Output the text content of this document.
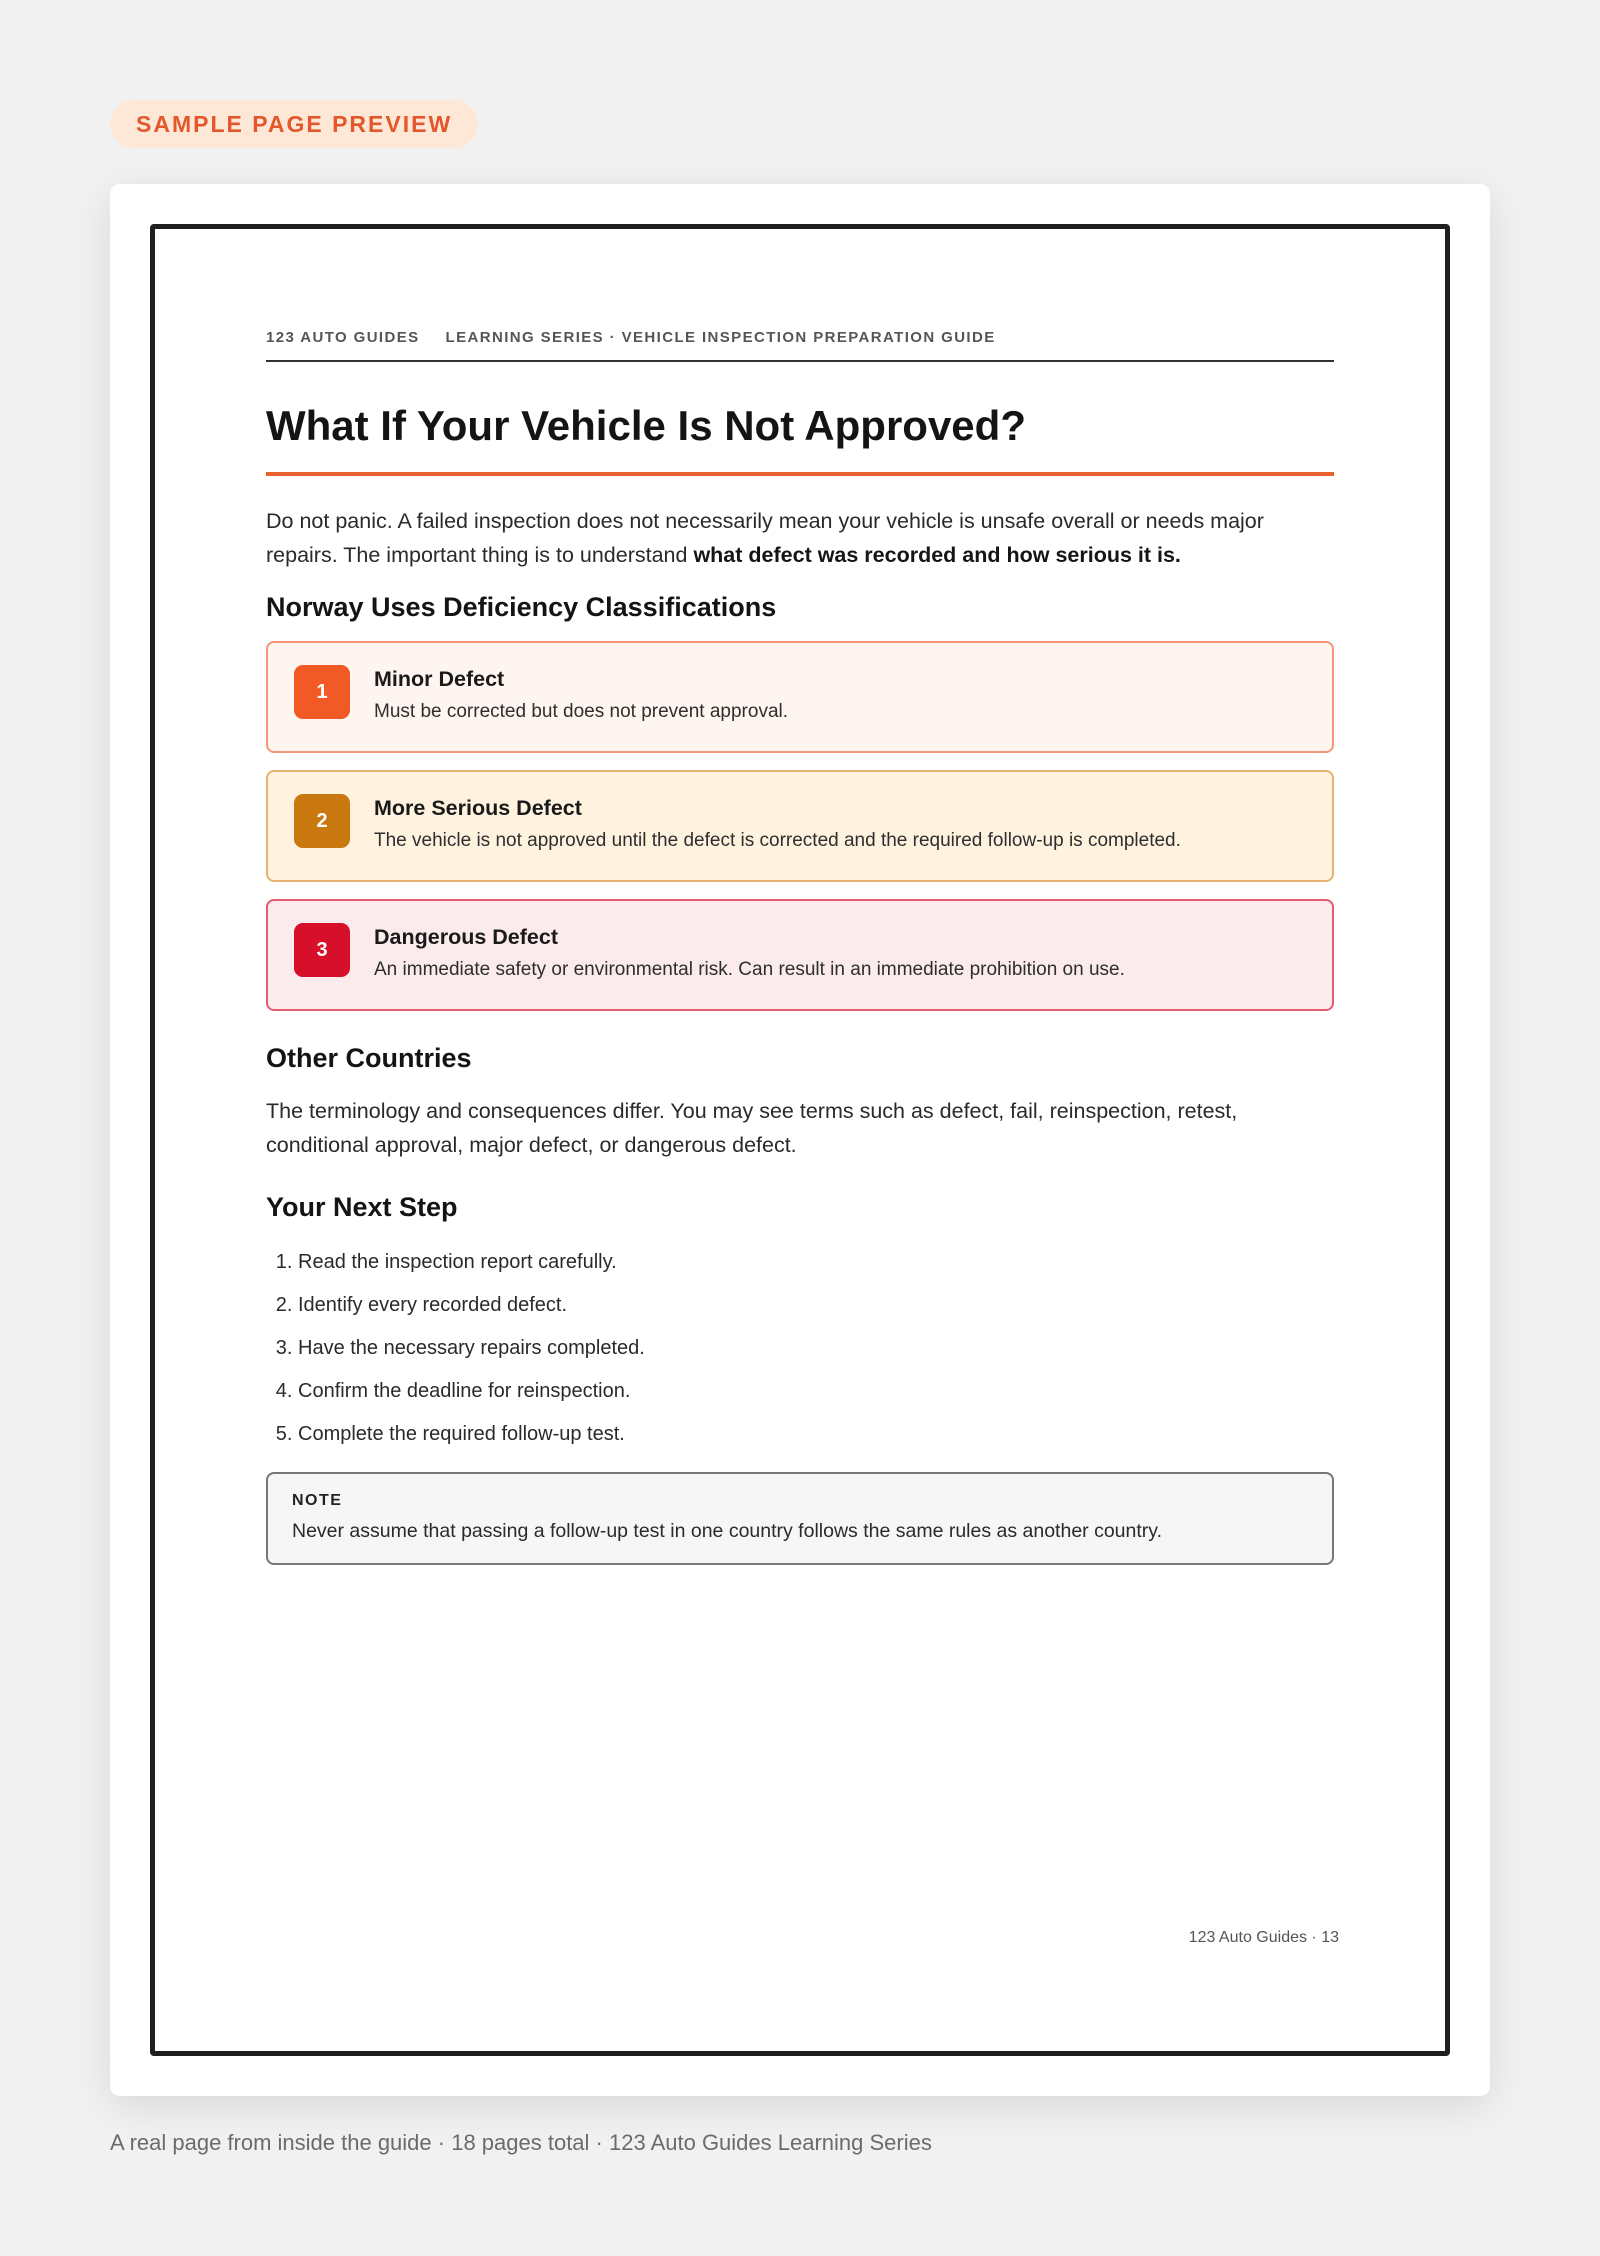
SAMPLE PAGE PREVIEW
123 AUTO GUIDES LEARNING SERIES · VEHICLE INSPECTION PREPARATION GUIDE
What If Your Vehicle Is Not Approved?

Do not panic. A failed inspection does not necessarily mean your vehicle is unsafe overall or needs major repairs. The important thing is to understand what defect was recorded and how serious it is.

Norway Uses Deficiency Classifications
1
Minor Defect
Must be corrected but does not prevent approval.
2
More Serious Defect
The vehicle is not approved until the defect is corrected and the required follow-up is completed.
3
Dangerous Defect
An immediate safety or environmental risk. Can result in an immediate prohibition on use.
Other Countries

The terminology and consequences differ. You may see terms such as defect, fail, reinspection, retest, conditional approval, major defect, or dangerous defect.

Your Next Step
1. Read the inspection report carefully.
2. Identify every recorded defect.
3. Have the necessary repairs completed.
4. Confirm the deadline for reinspection.
5. Complete the required follow-up test.
NOTE
Never assume that passing a follow-up test in one country follows the same rules as another country.
123 Auto Guides · 13
A real page from inside the guide · 18 pages total · 123 Auto Guides Learning Series
